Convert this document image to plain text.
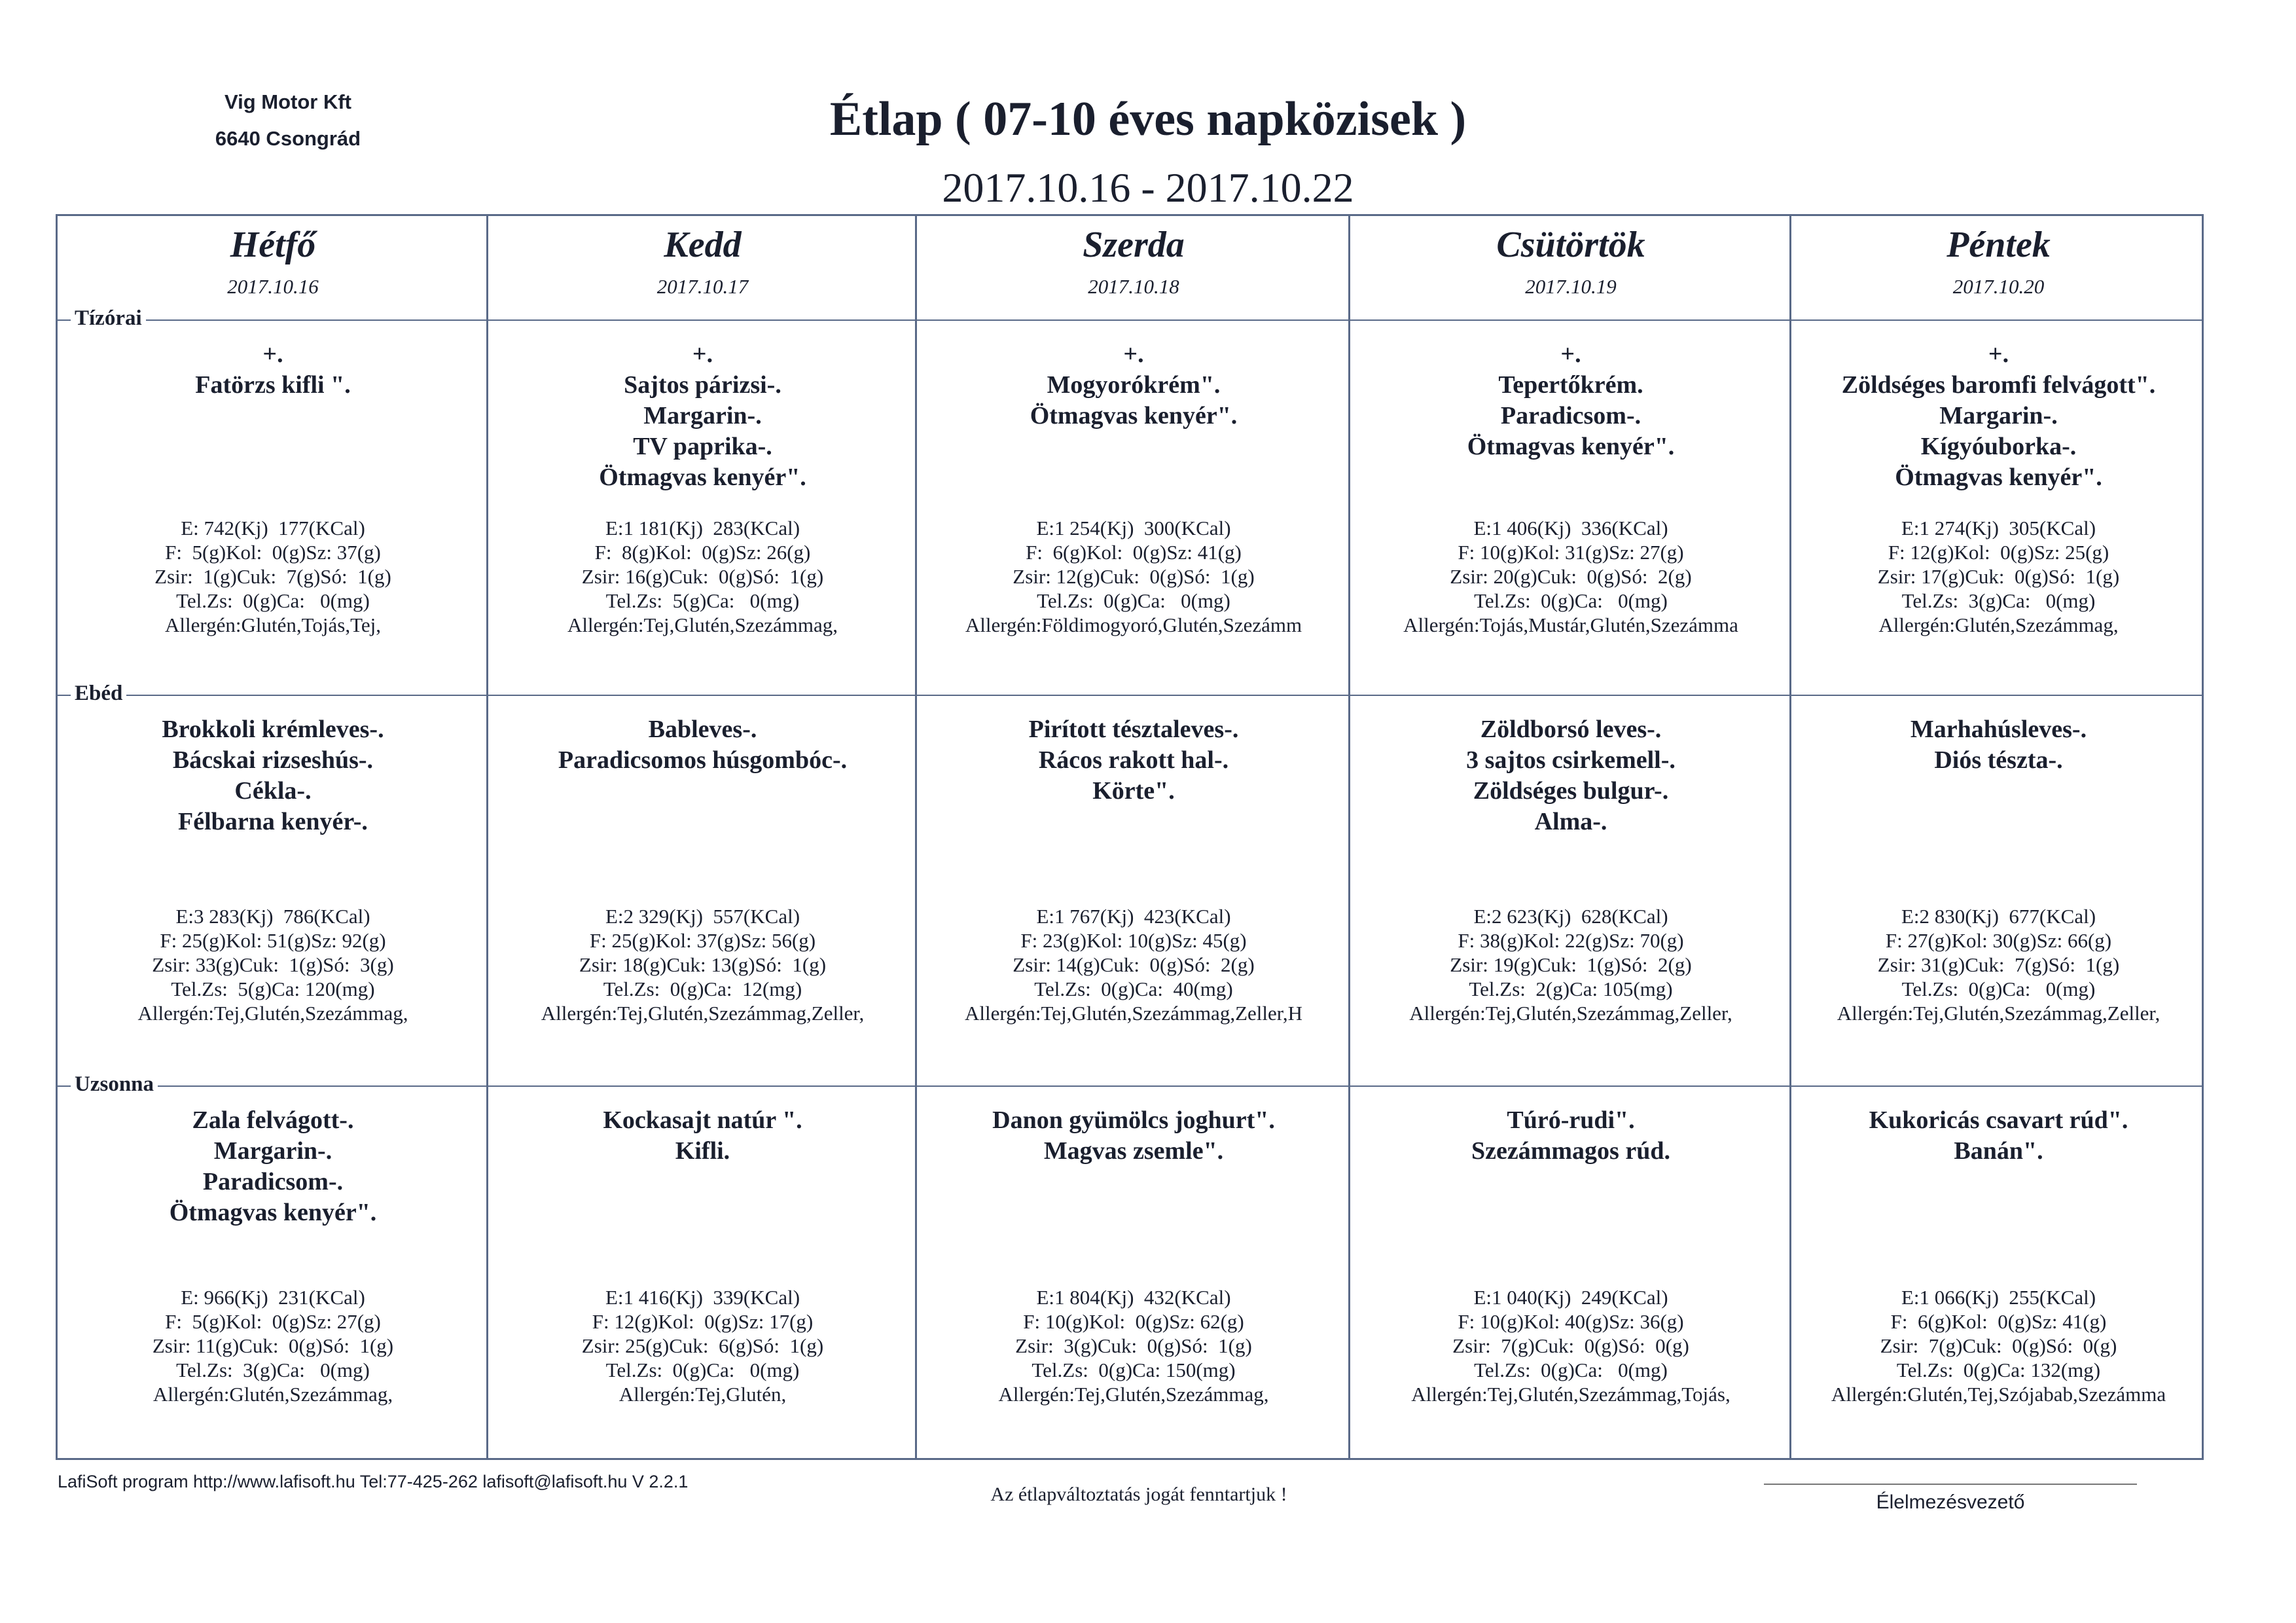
Vig Motor Kft
6640 Csongrád	Étlap ( 07-10 éves napközisek )
2017.10.16 - 2017.10.22
Hétfő
2017.10.16
Kedd
2017.10.17
Szerda
2017.10.18
Csütörtök
2017.10.19
Péntek
2017.10.20
Tízórai
+.
Fatörzs kifli ".
E: 742(Kj)  177(KCal)
F:  5(g)Kol:  0(g)Sz: 37(g)
Zsir:  1(g)Cuk:  7(g)Só:  1(g)
Tel.Zs:  0(g)Ca:   0(mg)
Allergén:Glutén,Tojás,Tej,
+.
Sajtos párizsi-.
Margarin-.
TV paprika-.
Ötmagvas kenyér".
E:1 181(Kj)  283(KCal)
F:  8(g)Kol:  0(g)Sz: 26(g)
Zsir: 16(g)Cuk:  0(g)Só:  1(g)
Tel.Zs:  5(g)Ca:   0(mg)
Allergén:Tej,Glutén,Szezámmag,
+.
Mogyorókrém".
Ötmagvas kenyér".
E:1 254(Kj)  300(KCal)
F:  6(g)Kol:  0(g)Sz: 41(g)
Zsir: 12(g)Cuk:  0(g)Só:  1(g)
Tel.Zs:  0(g)Ca:   0(mg)
Allergén:Földimogyoró,Glutén,Szezámm
+.
Tepertőkrém.
Paradicsom-.
Ötmagvas kenyér".
E:1 406(Kj)  336(KCal)
F: 10(g)Kol: 31(g)Sz: 27(g)
Zsir: 20(g)Cuk:  0(g)Só:  2(g)
Tel.Zs:  0(g)Ca:   0(mg)
Allergén:Tojás,Mustár,Glutén,Szezámma
+.
Zöldséges baromfi felvágott".
Margarin-.
Kígyóuborka-.
Ötmagvas kenyér".
E:1 274(Kj)  305(KCal)
F: 12(g)Kol:  0(g)Sz: 25(g)
Zsir: 17(g)Cuk:  0(g)Só:  1(g)
Tel.Zs:  3(g)Ca:   0(mg)
Allergén:Glutén,Szezámmag,
Ebéd
Brokkoli krémleves-.
Bácskai rizseshús-.
Cékla-.
Félbarna kenyér-.
E:3 283(Kj)  786(KCal)
F: 25(g)Kol: 51(g)Sz: 92(g)
Zsir: 33(g)Cuk:  1(g)Só:  3(g)
Tel.Zs:  5(g)Ca: 120(mg)
Allergén:Tej,Glutén,Szezámmag,
Bableves-.
Paradicsomos húsgombóc-.
E:2 329(Kj)  557(KCal)
F: 25(g)Kol: 37(g)Sz: 56(g)
Zsir: 18(g)Cuk: 13(g)Só:  1(g)
Tel.Zs:  0(g)Ca:  12(mg)
Allergén:Tej,Glutén,Szezámmag,Zeller,
Pirított tésztaleves-.
Rácos rakott hal-.
Körte".
E:1 767(Kj)  423(KCal)
F: 23(g)Kol: 10(g)Sz: 45(g)
Zsir: 14(g)Cuk:  0(g)Só:  2(g)
Tel.Zs:  0(g)Ca:  40(mg)
Allergén:Tej,Glutén,Szezámmag,Zeller,H
Zöldborsó leves-.
3 sajtos csirkemell-.
Zöldséges bulgur-.
Alma-.
E:2 623(Kj)  628(KCal)
F: 38(g)Kol: 22(g)Sz: 70(g)
Zsir: 19(g)Cuk:  1(g)Só:  2(g)
Tel.Zs:  2(g)Ca: 105(mg)
Allergén:Tej,Glutén,Szezámmag,Zeller,
Marhahúsleves-.
Diós tészta-.
E:2 830(Kj)  677(KCal)
F: 27(g)Kol: 30(g)Sz: 66(g)
Zsir: 31(g)Cuk:  7(g)Só:  1(g)
Tel.Zs:  0(g)Ca:   0(mg)
Allergén:Tej,Glutén,Szezámmag,Zeller,
Uzsonna
Zala felvágott-.
Margarin-.
Paradicsom-.
Ötmagvas kenyér".
E: 966(Kj)  231(KCal)
F:  5(g)Kol:  0(g)Sz: 27(g)
Zsir: 11(g)Cuk:  0(g)Só:  1(g)
Tel.Zs:  3(g)Ca:   0(mg)
Allergén:Glutén,Szezámmag,
Kockasajt natúr ".
Kifli.
E:1 416(Kj)  339(KCal)
F: 12(g)Kol:  0(g)Sz: 17(g)
Zsir: 25(g)Cuk:  6(g)Só:  1(g)
Tel.Zs:  0(g)Ca:   0(mg)
Allergén:Tej,Glutén,
Danon gyümölcs joghurt".
Magvas zsemle".
E:1 804(Kj)  432(KCal)
F: 10(g)Kol:  0(g)Sz: 62(g)
Zsir:  3(g)Cuk:  0(g)Só:  1(g)
Tel.Zs:  0(g)Ca: 150(mg)
Allergén:Tej,Glutén,Szezámmag,
Túró-rudi".
Szezámmagos rúd.
E:1 040(Kj)  249(KCal)
F: 10(g)Kol: 40(g)Sz: 36(g)
Zsir:  7(g)Cuk:  0(g)Só:  0(g)
Tel.Zs:  0(g)Ca:   0(mg)
Allergén:Tej,Glutén,Szezámmag,Tojás,
Kukoricás csavart rúd".
Banán".
E:1 066(Kj)  255(KCal)
F:  6(g)Kol:  0(g)Sz: 41(g)
Zsir:  7(g)Cuk:  0(g)Só:  0(g)
Tel.Zs:  0(g)Ca: 132(mg)
Allergén:Glutén,Tej,Szójabab,Szezámma
LafiSoft program http://www.lafisoft.hu Tel:77-425-262 lafisoft@lafisoft.hu V 2.2.1
Az étlapváltoztatás jogát fenntartjuk !	Élelmezésvezető
